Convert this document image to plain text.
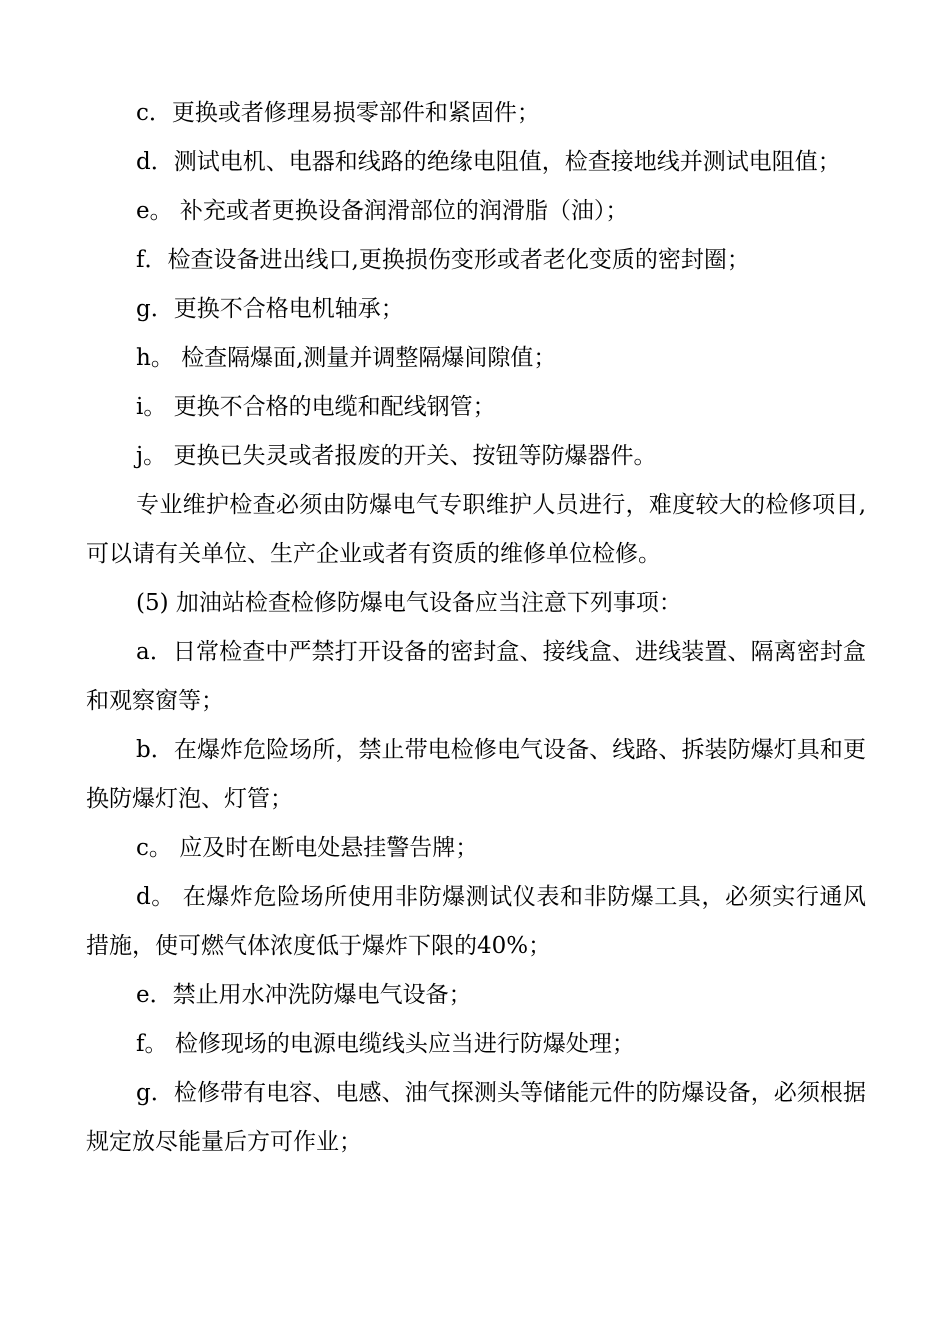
c．更换或者修理易损零部件和紧固件；

d．测试电机、电器和线路的绝缘电阻值，检查接地线并测试电阻值；

e。 补充或者更换设备润滑部位的润滑脂（油）；

f．检查设备进出线口,更换损伤变形或者老化变质的密封圈；

g．更换不合格电机轴承；

h。 检查隔爆面,测量并调整隔爆间隙值；

i。 更换不合格的电缆和配线钢管；

j。 更换已失灵或者报废的开关、按钮等防爆器件。

专业维护检查必须由防爆电气专职维护人员进行，难度较大的检修项目,可以请有关单位、生产企业或者有资质的维修单位检修。

(5) 加油站检查检修防爆电气设备应当注意下列事项：

a．日常检查中严禁打开设备的密封盒、接线盒、进线装置、隔离密封盒和观察窗等；

b．在爆炸危险场所，禁止带电检修电气设备、线路、拆装防爆灯具和更换防爆灯泡、灯管；

c。 应及时在断电处悬挂警告牌；

d。 在爆炸危险场所使用非防爆测试仪表和非防爆工具，必须实行通风措施，使可燃气体浓度低于爆炸下限的40%；

e．禁止用水冲洗防爆电气设备；

f。 检修现场的电源电缆线头应当进行防爆处理；

g．检修带有电容、电感、油气探测头等储能元件的防爆设备，必须根据规定放尽能量后方可作业；
